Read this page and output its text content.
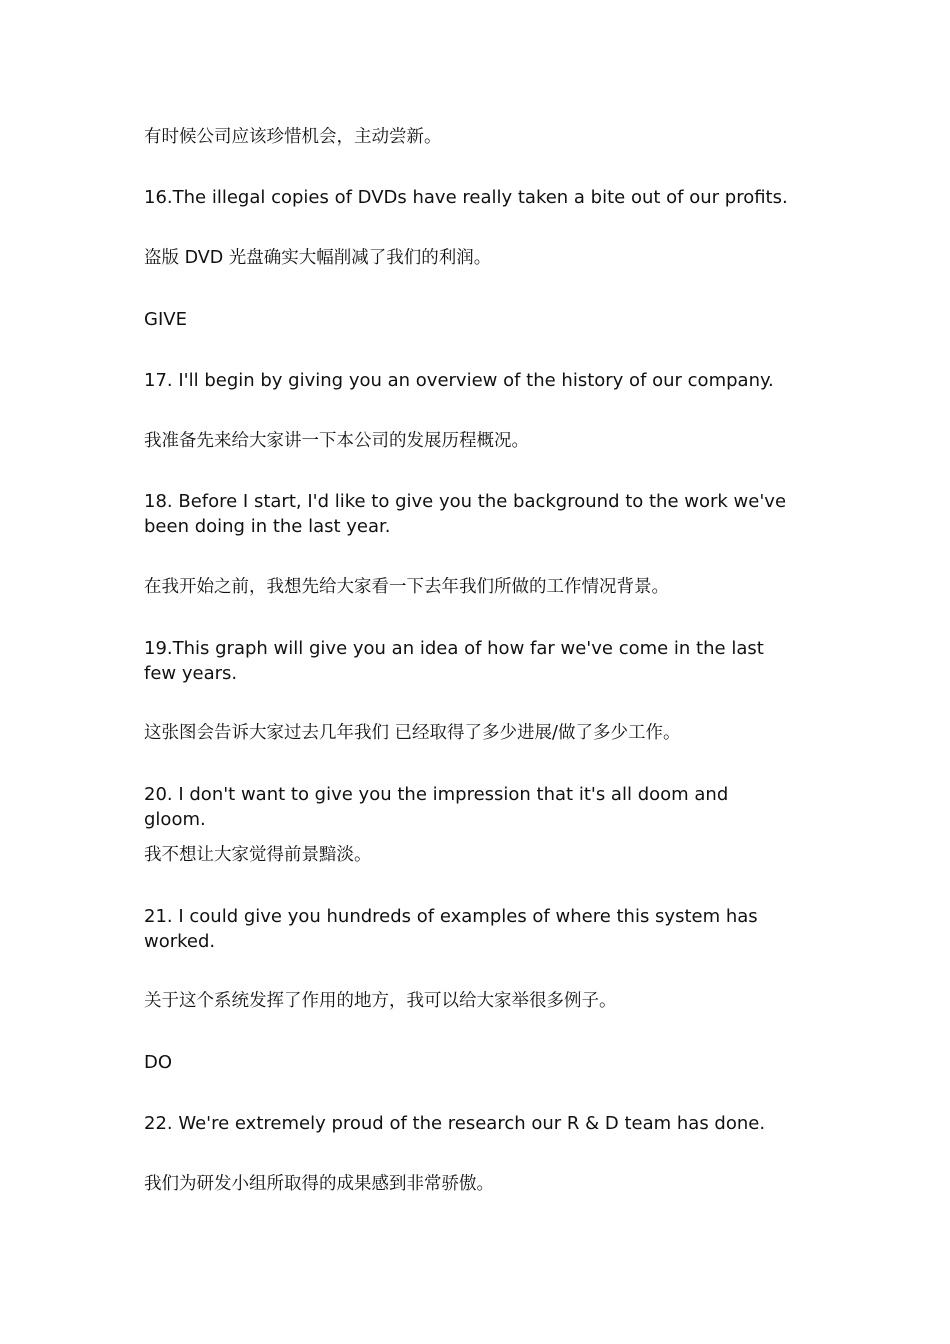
有时候公司应该珍惜机会，主动尝新。

16.The illegal copies of DVDs have really taken a bite out of our profits.

盗版 DVD 光盘确实大幅削减了我们的利润。

GIVE

17. I'll begin by giving you an overview of the history of our company.

我准备先来给大家讲一下本公司的发展历程概况。

18. Before I start, I'd like to give you the background to the work we've been doing in the last year.

在我开始之前，我想先给大家看一下去年我们所做的工作情况背景。

19.This graph will give you an idea of how far we've come in the last few years.

这张图会告诉大家过去几年我们 已经取得了多少进展/做了多少工作。

20. I don't want to give you the impression that it's all doom and gloom.

我不想让大家觉得前景黯淡。

21. I could give you hundreds of examples of where this system has worked.

关于这个系统发挥了作用的地方，我可以给大家举很多例子。

DO

22. We're extremely proud of the research our R & D team has done.

我们为研发小组所取得的成果感到非常骄傲。
